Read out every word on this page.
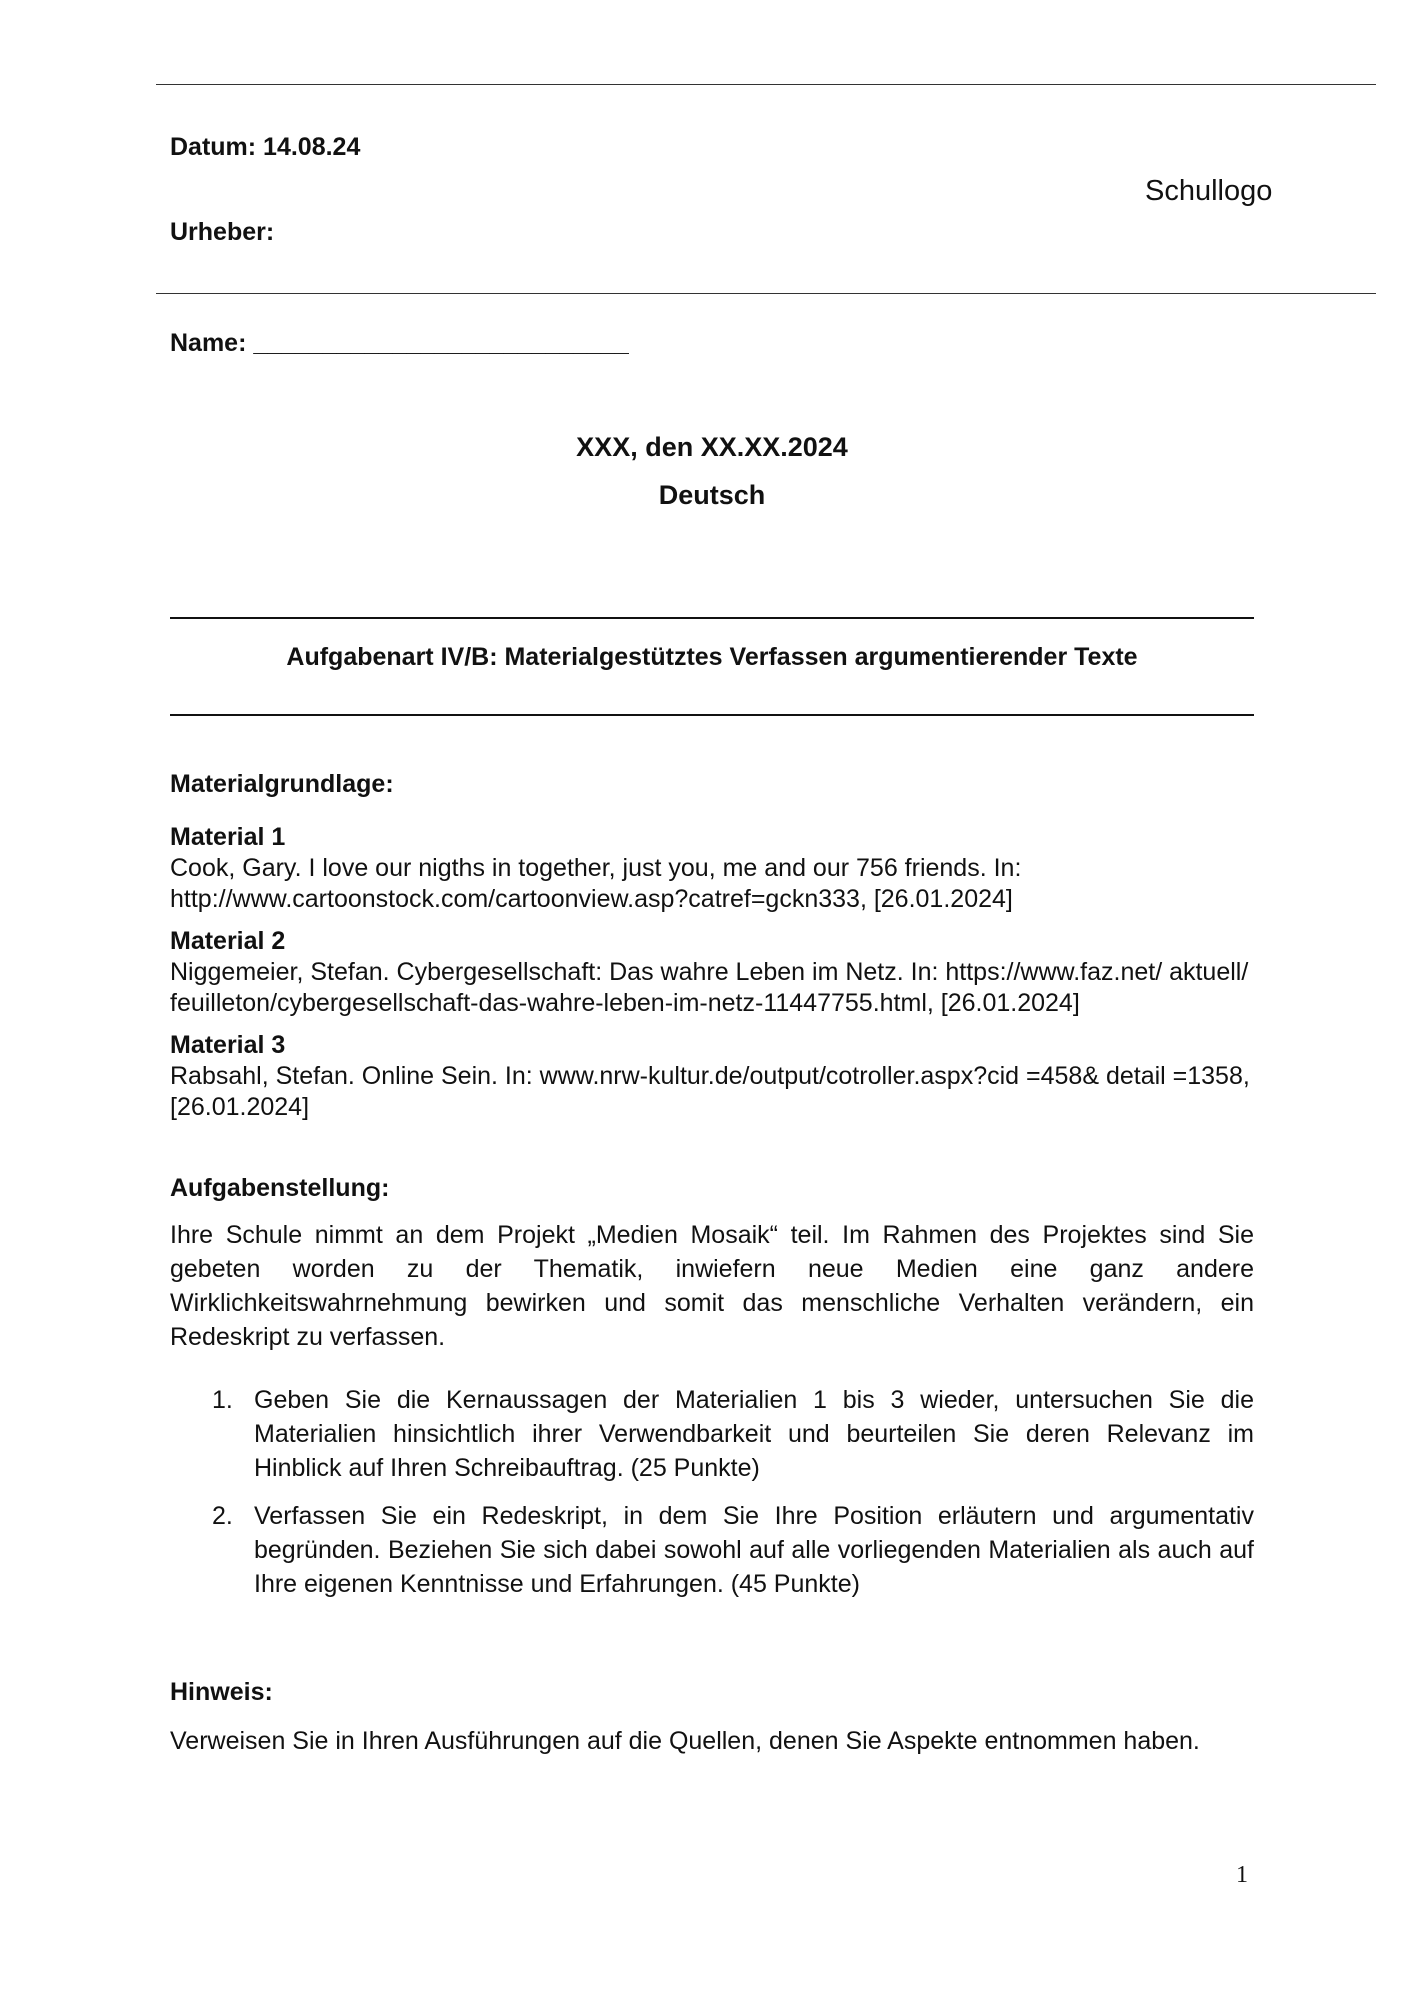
Datum: 14.08.24
Schullogo
Urheber:
Name: ___________________________
XXX, den XX.XX.2024
Deutsch
Aufgabenart IV/B: Materialgestütztes Verfassen argumentierender Texte
Materialgrundlage:
Material 1
Cook, Gary. I love our nigths in together, just you, me and our 756 friends. In: http://www.cartoonstock.com/cartoonview.asp?catref=gckn333, [26.01.2024]
Material 2
Niggemeier, Stefan. Cybergesellschaft: Das wahre Leben im Netz. In: https://www.faz.net/ aktuell/ feuilleton/cybergesellschaft-das-wahre-leben-im-netz-11447755.html, [26.01.2024]
Material 3
Rabsahl, Stefan. Online Sein. In: www.nrw-kultur.de/output/cotroller.aspx?cid =458& detail =1358, [26.01.2024]
Aufgabenstellung:
Ihre Schule nimmt an dem Projekt „Medien Mosaik“ teil. Im Rahmen des Projektes sind Sie gebeten worden zu der Thematik, inwiefern neue Medien eine ganz andere Wirklichkeitswahrnehmung bewirken und somit das menschliche Verhalten verändern, ein Redeskript zu verfassen.
1. Geben Sie die Kernaussagen der Materialien 1 bis 3 wieder, untersuchen Sie die Materialien hinsichtlich ihrer Verwendbarkeit und beurteilen Sie deren Relevanz im Hinblick auf Ihren Schreibauftrag. (25 Punkte)
2. Verfassen Sie ein Redeskript, in dem Sie Ihre Position erläutern und argumentativ begründen. Beziehen Sie sich dabei sowohl auf alle vorliegenden Materialien als auch auf Ihre eigenen Kenntnisse und Erfahrungen. (45 Punkte)
Hinweis:
Verweisen Sie in Ihren Ausführungen auf die Quellen, denen Sie Aspekte entnommen haben.
1
